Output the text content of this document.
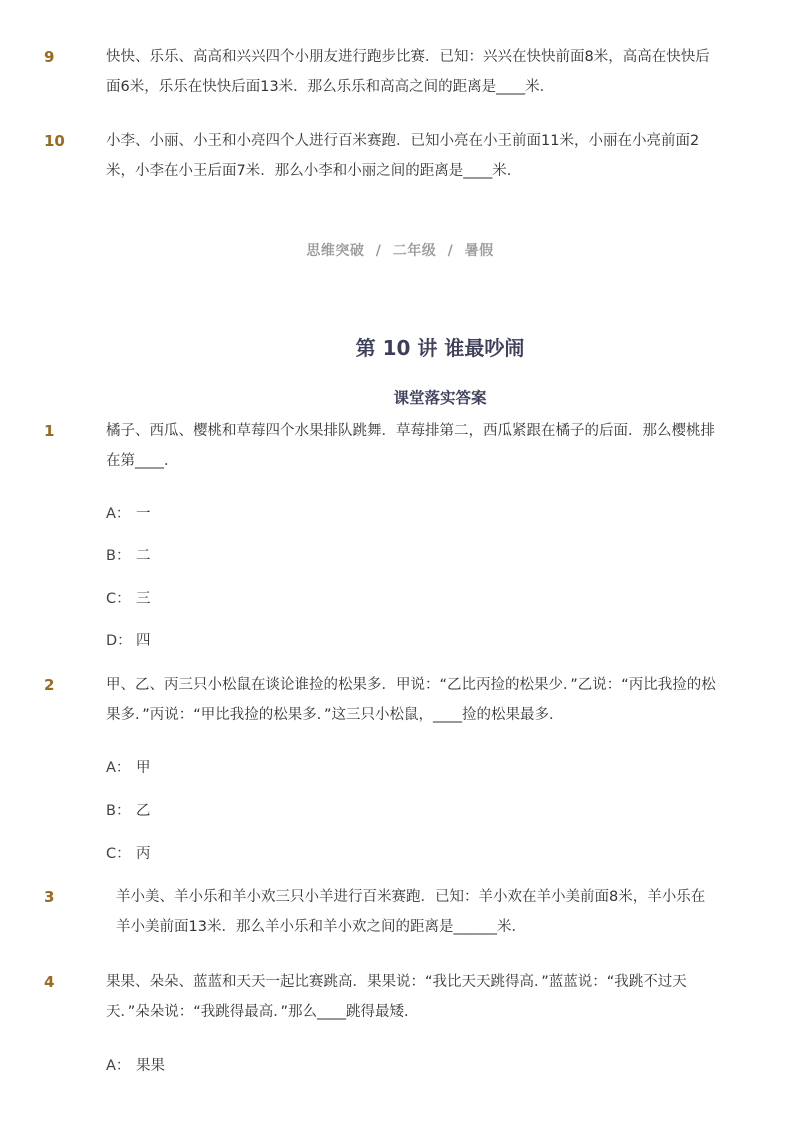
9	快快、乐乐、高高和兴兴四个小朋友进行跑步比赛．已知：兴兴在快快前面8米，高高在快快后面6米，乐乐在快快后面13米．那么乐乐和高高之间的距离是____米．
10	小李、小丽、小王和小亮四个人进行百米赛跑．已知小亮在小王前面11米，小丽在小亮前面2米，小李在小王后面7米．那么小李和小丽之间的距离是____米．
思维突破 / 二年级 / 暑假
第 10 讲 谁最吵闹
课堂落实答案
1	橘子、西瓜、樱桃和草莓四个水果排队跳舞．草莓排第二，西瓜紧跟在橘子的后面．那么樱桃排在第____．
A： 一
B： 二
C： 三
D： 四
2	甲、乙、丙三只小松鼠在谈论谁捡的松果多．甲说：“乙比丙捡的松果少．”乙说：“丙比我捡的松果多．”丙说：“甲比我捡的松果多．”这三只小松鼠，____捡的松果最多．
A： 甲
B： 乙
C： 丙
3	羊小美、羊小乐和羊小欢三只小羊进行百米赛跑．已知：羊小欢在羊小美前面8米，羊小乐在羊小美前面13米．那么羊小乐和羊小欢之间的距离是______米．
4	果果、朵朵、蓝蓝和天天一起比赛跳高．果果说：“我比天天跳得高．”蓝蓝说：“我跳不过天天．”朵朵说：“我跳得最高．”那么____跳得最矮．
A： 果果
